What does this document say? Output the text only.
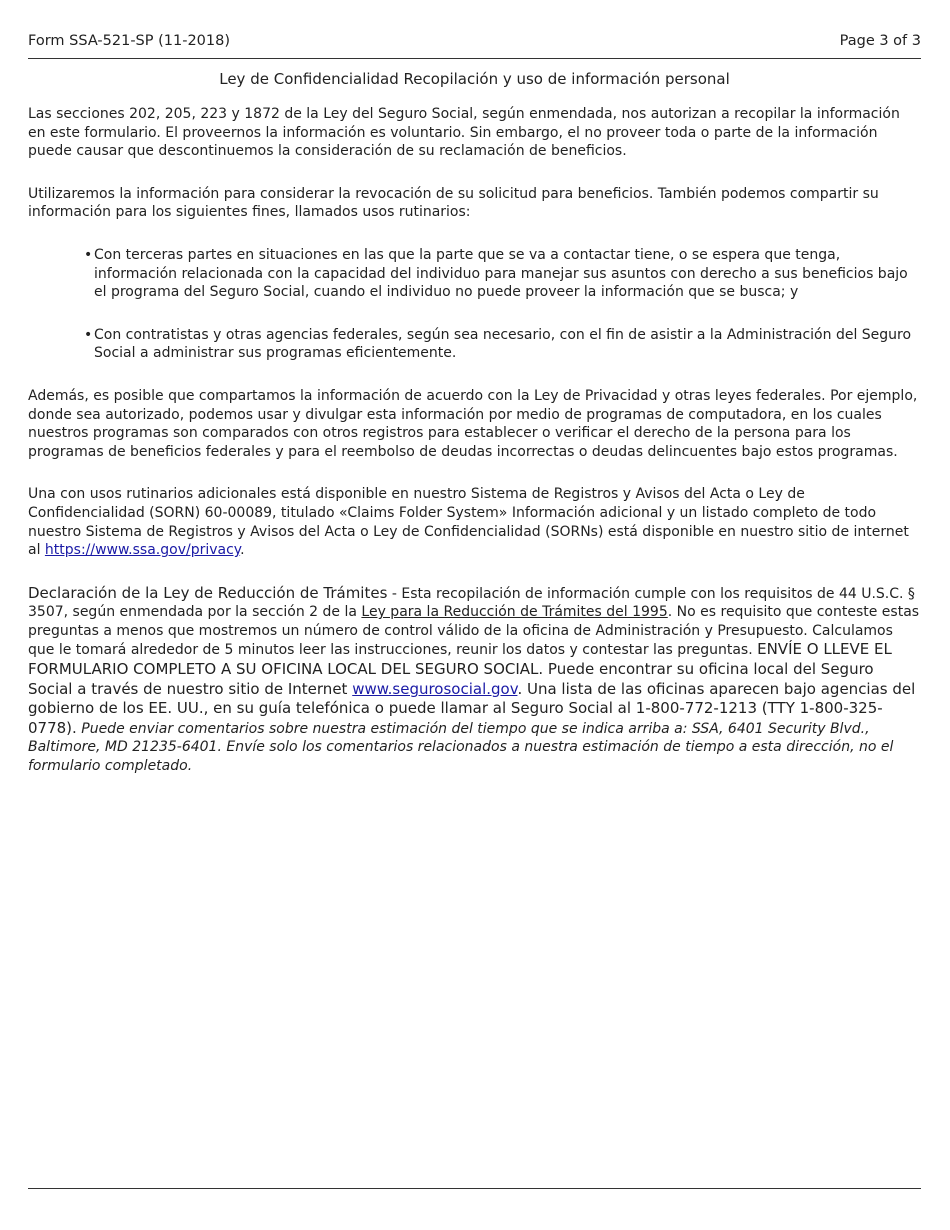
Form SSA-521-SP (11-2018)	Page 3 of 3
Ley de Confidencialidad Recopilación y uso de información personal

Las secciones 202, 205, 223 y 1872 de la Ley del Seguro Social, según enmendada, nos autorizan a recopilar la información en este formulario. El proveernos la información es voluntario. Sin embargo, el no proveer toda o parte de la información puede causar que descontinuemos la consideración de su reclamación de beneficios.

Utilizaremos la información para considerar la revocación de su solicitud para beneficios. También podemos compartir su información para los siguientes fines, llamados usos rutinarios:

• Con terceras partes en situaciones en las que la parte que se va a contactar tiene, o se espera que tenga, información relacionada con la capacidad del individuo para manejar sus asuntos con derecho a sus beneficios bajo el programa del Seguro Social, cuando el individuo no puede proveer la información que se busca; y
• Con contratistas y otras agencias federales, según sea necesario, con el fin de asistir a la Administración del Seguro Social a administrar sus programas eficientemente.

Además, es posible que compartamos la información de acuerdo con la Ley de Privacidad y otras leyes federales. Por ejemplo, donde sea autorizado, podemos usar y divulgar esta información por medio de programas de computadora, en los cuales nuestros programas son comparados con otros registros para establecer o verificar el derecho de la persona para los programas de beneficios federales y para el reembolso de deudas incorrectas o deudas delincuentes bajo estos programas.

Una con usos rutinarios adicionales está disponible en nuestro Sistema de Registros y Avisos del Acta o Ley de Confidencialidad (SORN) 60-00089, titulado «Claims Folder System» Información adicional y un listado completo de todo nuestro Sistema de Registros y Avisos del Acta o Ley de Confidencialidad (SORNs) está disponible en nuestro sitio de internet al https://www.ssa.gov/privacy.

Declaración de la Ley de Reducción de Trámites - Esta recopilación de información cumple con los requisitos de 44 U.S.C. § 3507, según enmendada por la sección 2 de la Ley para la Reducción de Trámites del 1995. No es requisito que conteste estas preguntas a menos que mostremos un número de control válido de la oficina de Administración y Presupuesto. Calculamos que le tomará alrededor de 5 minutos leer las instrucciones, reunir los datos y contestar las preguntas. ENVÍE O LLEVE EL FORMULARIO COMPLETO A SU OFICINA LOCAL DEL SEGURO SOCIAL. Puede encontrar su oficina local del Seguro Social a través de nuestro sitio de Internet www.segurosocial.gov. Una lista de las oficinas aparecen bajo agencias del gobierno de los EE. UU., en su guía telefónica o puede llamar al Seguro Social al 1-800-772-1213 (TTY 1-800-325-0778). Puede enviar comentarios sobre nuestra estimación del tiempo que se indica arriba a: SSA, 6401 Security Blvd., Baltimore, MD 21235-6401. Envíe solo los comentarios relacionados a nuestra estimación de tiempo a esta dirección, no el formulario completado.
